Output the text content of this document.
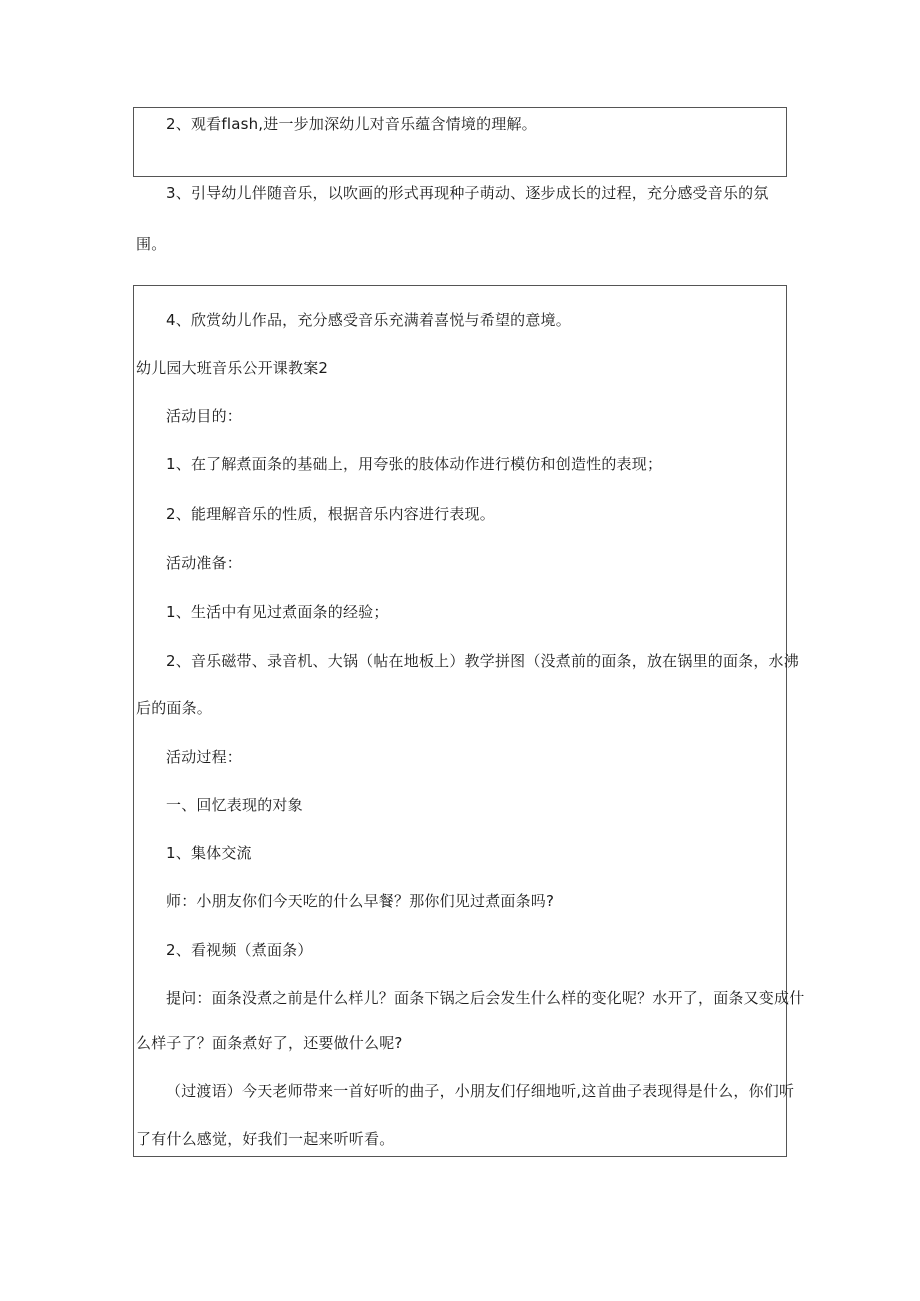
2、观看flash,进一步加深幼儿对音乐蕴含情境的理解。
3、引导幼儿伴随音乐，以吹画的形式再现种子萌动、逐步成长的过程，充分感受音乐的氛
围。
4、欣赏幼儿作品，充分感受音乐充满着喜悦与希望的意境。
幼儿园大班音乐公开课教案2
活动目的：
1、在了解煮面条的基础上，用夸张的肢体动作进行模仿和创造性的表现；
2、能理解音乐的性质，根据音乐内容进行表现。
活动准备：
1、生活中有见过煮面条的经验；
2、音乐磁带、录音机、大锅（帖在地板上）教学拼图（没煮前的面条，放在锅里的面条，水沸
后的面条。
活动过程：
一、回忆表现的对象
1、集体交流
师：小朋友你们今天吃的什么早餐？那你们见过煮面条吗?
2、看视频（煮面条）
提问：面条没煮之前是什么样儿？面条下锅之后会发生什么样的变化呢？水开了，面条又变成什
么样子了？面条煮好了，还要做什么呢?
（过渡语）今天老师带来一首好听的曲子，小朋友们仔细地听,这首曲子表现得是什么，你们听
了有什么感觉，好我们一起来听听看。
